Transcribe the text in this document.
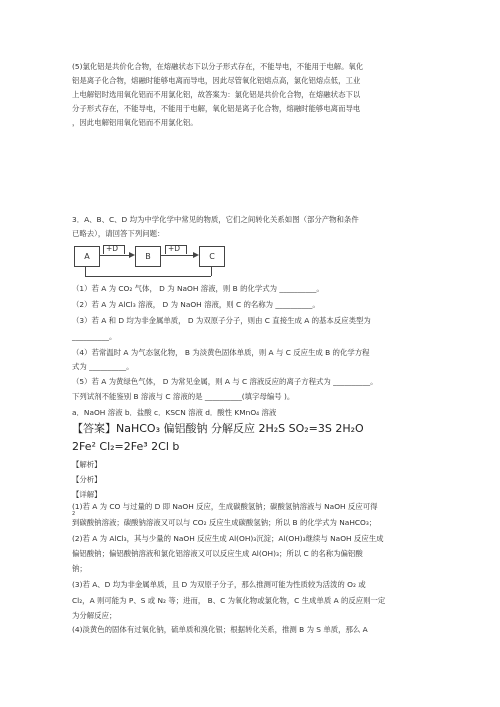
(5)氯化铝是共价化合物，在熔融状态下以分子形式存在，不能导电，不能用于电解。氧化
铝是离子化合物，熔融时能够电离而导电，因此尽管氧化铝熔点高，氯化铝熔点低，工业
上电解铝时选用氧化铝而不用氯化铝，故答案为：氯化铝是共价化合物，在熔融状态下以
分子形式存在，不能导电，不能用于电解，氧化铝是离子化合物，熔融时能够电离而导电
，因此电解铝用氧化铝而不用氯化铝。
3．A、B、C、D 均为中学化学中常见的物质，它们之间转化关系如图（部分产物和条件
已略去），请回答下列问题：
A	B	C
+D	+D
（1）若 A 为 CO₂ 气体， D 为 NaOH 溶液，则 B 的化学式为 __________。
（2）若 A 为 AlCl₃ 溶液， D 为 NaOH 溶液，则 C 的名称为 __________。
（3）若 A 和 D 均为非金属单质， D 为双原子分子，则由 C 直接生成 A 的基本反应类型为
__________。
（4）若常温时 A 为气态氢化物， B 为淡黄色固体单质，则 A 与 C 反应生成 B 的化学方程
式为 __________。
（5）若 A 为黄绿色气体， D 为常见金属，则 A 与 C 溶液反应的离子方程式为 __________。
下列试剂不能鉴别 B 溶液与 C 溶液的是 __________(填字母编号 )。
a．NaOH 溶液 b．盐酸 c．KSCN 溶液 d．酸性 KMnO₄ 溶液
【答案】NaHCO₃ 偏铝酸钠 分解反应 2H₂S SO₂=3S 2H₂O
2Fe² Cl₂=2Fe³ 2Cl b
【解析】
【分析】
【详解】
(1)若 A 为 CO 与过量的 D 即 NaOH 反应，生成碳酸氢钠；碳酸氢钠溶液与 NaOH 反应可得
2
到碳酸钠溶液；碳酸钠溶液又可以与 CO₂ 反应生成碳酸氢钠；所以 B 的化学式为 NaHCO₃；
(2)若 A 为 AlCl₃，其与少量的 NaOH 反应生成 Al(OH)₃沉淀；Al(OH)₃继续与 NaOH 反应生成
偏铝酸钠；偏铝酸钠溶液和氯化铝溶液又可以反应生成 Al(OH)₃；所以 C 的名称为偏铝酸
钠；
(3)若 A、D 均为非金属单质，且 D 为双原子分子，那么推测可能为性质较为活泼的 O₂ 或
Cl₂，A 则可能为 P、S 或 N₂ 等；进而， B、C 为氧化物或氯化物，C 生成单质 A 的反应则一定
为分解反应；
(4)淡黄色的固体有过氧化钠，硫单质和溴化银；根据转化关系，推测 B 为 S 单质，那么 A
